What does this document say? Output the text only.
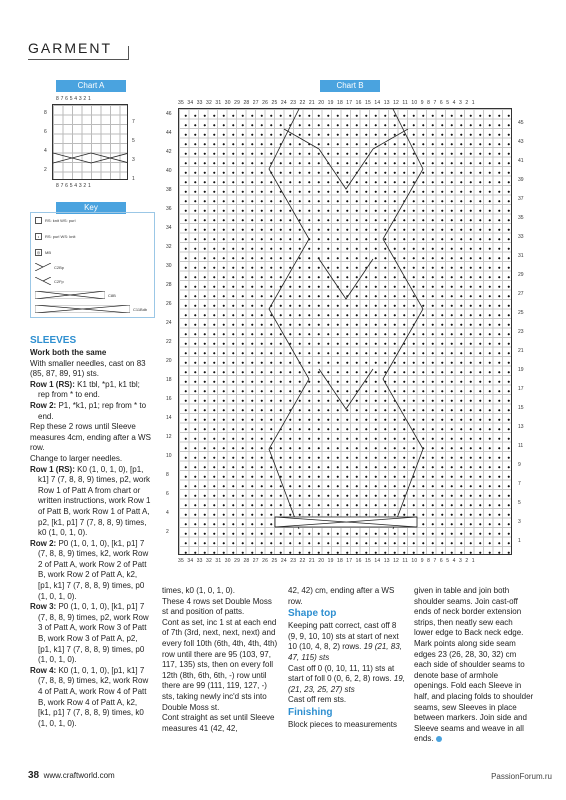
GARMENT
Chart A
8 7 6 5 4 3 2 1
8 7 6 5 4 3 2 1
8
6
4
2
7
5
3
1
Key
RS: knit WS: purl
•	RS: purl WS: knit
◎	MB
C2Bp
C2Fp
C8B
C11Bdb
Chart B
35 34 33 32 31 30 29 28 27 26 25 24 23 22 21 20 19 18 17 16 15 14 13 12 11 10 9 8 7 6 5 4 3 2 1
35 34 33 32 31 30 29 28 27 26 25 24 23 22 21 20 19 18 17 16 15 14 13 12 11 10 9 8 7 6 5 4 3 2 1
46
44
42
40
38
36
34
32
30
28
26
24
22
20
18
16
14
12
10
8
6
4
2
45
43
41
39
37
35
33
31
29
27
25
23
21
19
17
15
13
11
9
7
5
3
1
SLEEVES
Work both the same
With smaller needles, cast on 83 (85, 87, 89, 91) sts.
Row 1 (RS): K1 tbl, *p1, k1 tbl; rep from * to end.
Row 2: P1, *k1, p1; rep from * to end.
Rep these 2 rows until Sleeve measures 4cm, ending after a WS row.
Change to larger needles.
Row 1 (RS): K0 (1, 0, 1, 0), [p1, k1] 7 (7, 8, 8, 9) times, p2, work Row 1 of Patt A from chart or written instructions, work Row 1 of Patt B, work Row 1 of Patt A, p2, [k1, p1] 7 (7, 8, 8, 9) times, k0 (1, 0, 1, 0).
Row 2: P0 (1, 0, 1, 0), [k1, p1] 7 (7, 8, 8, 9) times, k2, work Row 2 of Patt A, work Row 2 of Patt B, work Row 2 of Patt A, k2, [p1, k1] 7 (7, 8, 8, 9) times, p0 (1, 0, 1, 0).
Row 3: P0 (1, 0, 1, 0), [k1, p1] 7 (7, 8, 8, 9) times, p2, work Row 3 of Patt A, work Row 3 of Patt B, work Row 3 of Patt A, p2, [p1, k1] 7 (7, 8, 8, 9) times, p0 (1, 0, 1, 0).
Row 4: K0 (1, 0, 1, 0), [p1, k1] 7 (7, 8, 8, 9) times, k2, work Row 4 of Patt A, work Row 4 of Patt B, work Row 4 of Patt A, k2, [k1, p1] 7 (7, 8, 8, 9) times, k0 (1, 0, 1, 0).
times, k0 (1, 0, 1, 0).
These 4 rows set Double Moss st and position of patts.
Cont as set, inc 1 st at each end of 7th (3rd, next, next, next) and every foll 10th (6th, 4th, 4th, 4th) row until there are 95 (103, 97, 117, 135) sts, then on every foll 12th (8th, 6th, 6th, -) row until there are 99 (111, 119, 127, -) sts, taking newly inc'd sts into Double Moss st.
Cont straight as set until Sleeve measures 41 (42, 42,
42, 42) cm, ending after a WS row.
Shape top
Keeping patt correct, cast off 8 (9, 9, 10, 10) sts at start of next 10 (10, 4, 8, 2) rows. 19 (21, 83, 47, 115) sts
Cast off 0 (0, 10, 11, 11) sts at start of foll 0 (0, 6, 2, 8) rows. 19, (21, 23, 25, 27) sts
Cast off rem sts.
Finishing
Block pieces to measurements
given in table and join both shoulder seams. Join cast-off ends of neck border extension strips, then neatly sew each lower edge to Back neck edge. Mark points along side seam edges 23 (26, 28, 30, 32) cm each side of shoulder seams to denote base of armhole openings. Fold each Sleeve in half, and placing folds to shoulder seams, sew Sleeves in place between markers. Join side and Sleeve seams and weave in all ends.
38 www.craftworld.com	PassionForum.ru
